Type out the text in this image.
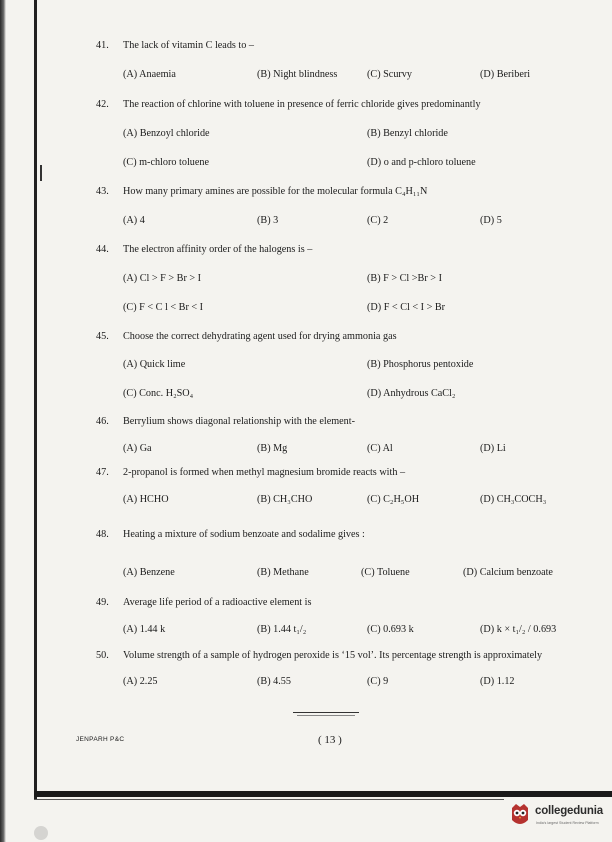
41. The lack of vitamin C leads to –
(A) Anaemia	(B) Night blindness	(C) Scurvy	(D) Beriberi
42. The reaction of chlorine with toluene in presence of ferric chloride gives predominantly
(A) Benzoyl chloride	(B) Benzyl chloride
(C) m-chloro toluene	(D) o and p-chloro toluene
43. How many primary amines are possible for the molecular formula C₄H₁₁N
(A) 4	(B) 3	(C) 2	(D) 5
44. The electron affinity order of the halogens is –
(A) Cl > F > Br > I	(B) F > Cl >Br > I
(C) F < C l < Br < I	(D) F < Cl < I > Br
45. Choose the correct dehydrating agent used for drying ammonia gas
(A) Quick lime	(B) Phosphorus pentoxide
(C) Conc. H₂SO₄	(D) Anhydrous CaCl₂
46. Berrylium shows diagonal relationship with the element-
(A) Ga	(B) Mg	(C) Al	(D) Li
47. 2-propanol is formed when methyl magnesium bromide reacts with –
(A) HCHO	(B) CH₃CHO	(C) C₂H₅OH	(D) CH₃COCH₃
48. Heating a mixture of sodium benzoate and sodalime gives :
(A) Benzene	(B) Methane	(C) Toluene	(D) Calcium benzoate
49. Average life period of a radioactive element is
(A) 1.44 k	(B) 1.44 t₁/₂	(C) 0.693 k	(D) k × t₁/₂ / 0.693
50. Volume strength of a sample of hydrogen peroxide is ‘15 vol’. Its percentage strength is approximately
(A) 2.25	(B) 4.55	(C) 9	(D) 1.12
JENPARH P&C	( 13 )
collegedunia
India's largest Student Review Platform
